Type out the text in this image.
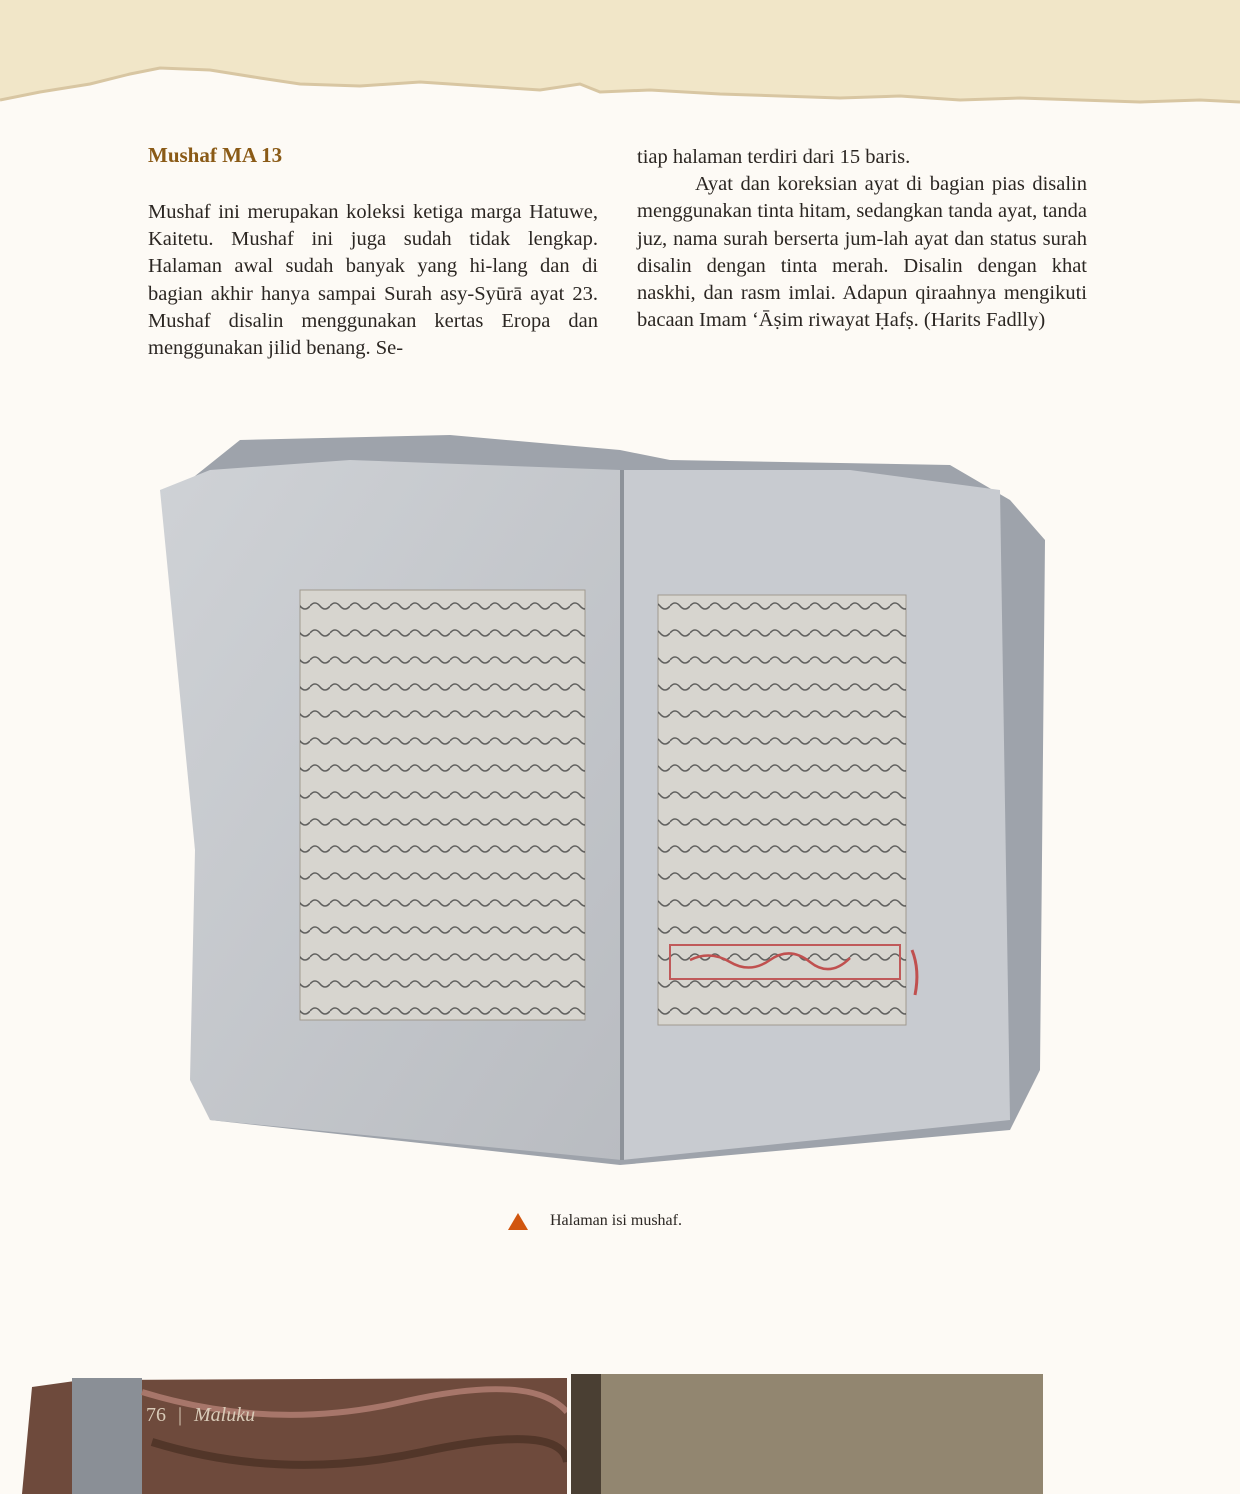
Mushaf MA 13

Mushaf ini merupakan koleksi ketiga marga Hatuwe, Kaitetu. Mushaf ini juga sudah tidak lengkap. Halaman awal sudah banyak yang hi-lang dan di bagian akhir hanya sampai Surah asy-Syūrā ayat 23. Mushaf disalin menggunakan kertas Eropa dan menggunakan jilid benang. Se-

tiap halaman terdiri dari 15 baris.

Ayat dan koreksian ayat di bagian pias disalin menggunakan tinta hitam, sedangkan tanda ayat, tanda juz, nama surah berserta jum-lah ayat dan status surah disalin dengan tinta merah. Disalin dengan khat naskhi, dan rasm imlai. Adapun qiraahnya mengikuti bacaan Imam ʻĀṣim riwayat Ḥafṣ. (Harits Fadlly)

Halaman isi mushaf.
76 | Maluku
